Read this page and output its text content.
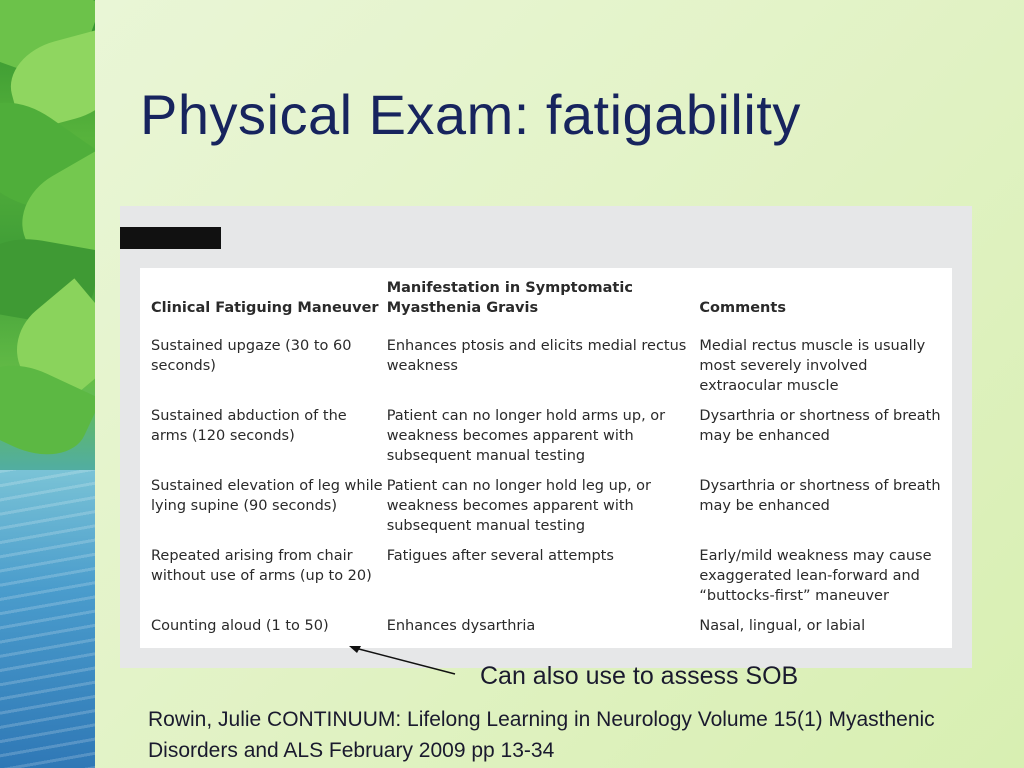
Physical Exam: fatigability
Clinical Fatiguing Maneuver	Manifestation in Symptomatic Myasthenia Gravis	Comments
Sustained upgaze (30 to 60 seconds)	Enhances ptosis and elicits medial rectus weakness	Medial rectus muscle is usually most severely involved extraocular muscle
Sustained abduction of the arms (120 seconds)	Patient can no longer hold arms up, or weakness becomes apparent with subsequent manual testing	Dysarthria or shortness of breath may be enhanced
Sustained elevation of leg while lying supine (90 seconds)	Patient can no longer hold leg up, or weakness becomes apparent with subsequent manual testing	Dysarthria or shortness of breath may be enhanced
Repeated arising from chair without use of arms (up to 20)	Fatigues after several attempts	Early/mild weakness may cause exaggerated lean-forward and “buttocks-first” maneuver
Counting aloud (1 to 50)	Enhances dysarthria	Nasal, lingual, or labial
Can also use to assess SOB
Rowin, Julie CONTINUUM: Lifelong Learning in Neurology Volume 15(1) Myasthenic Disorders and ALS February 2009 pp 13-34
